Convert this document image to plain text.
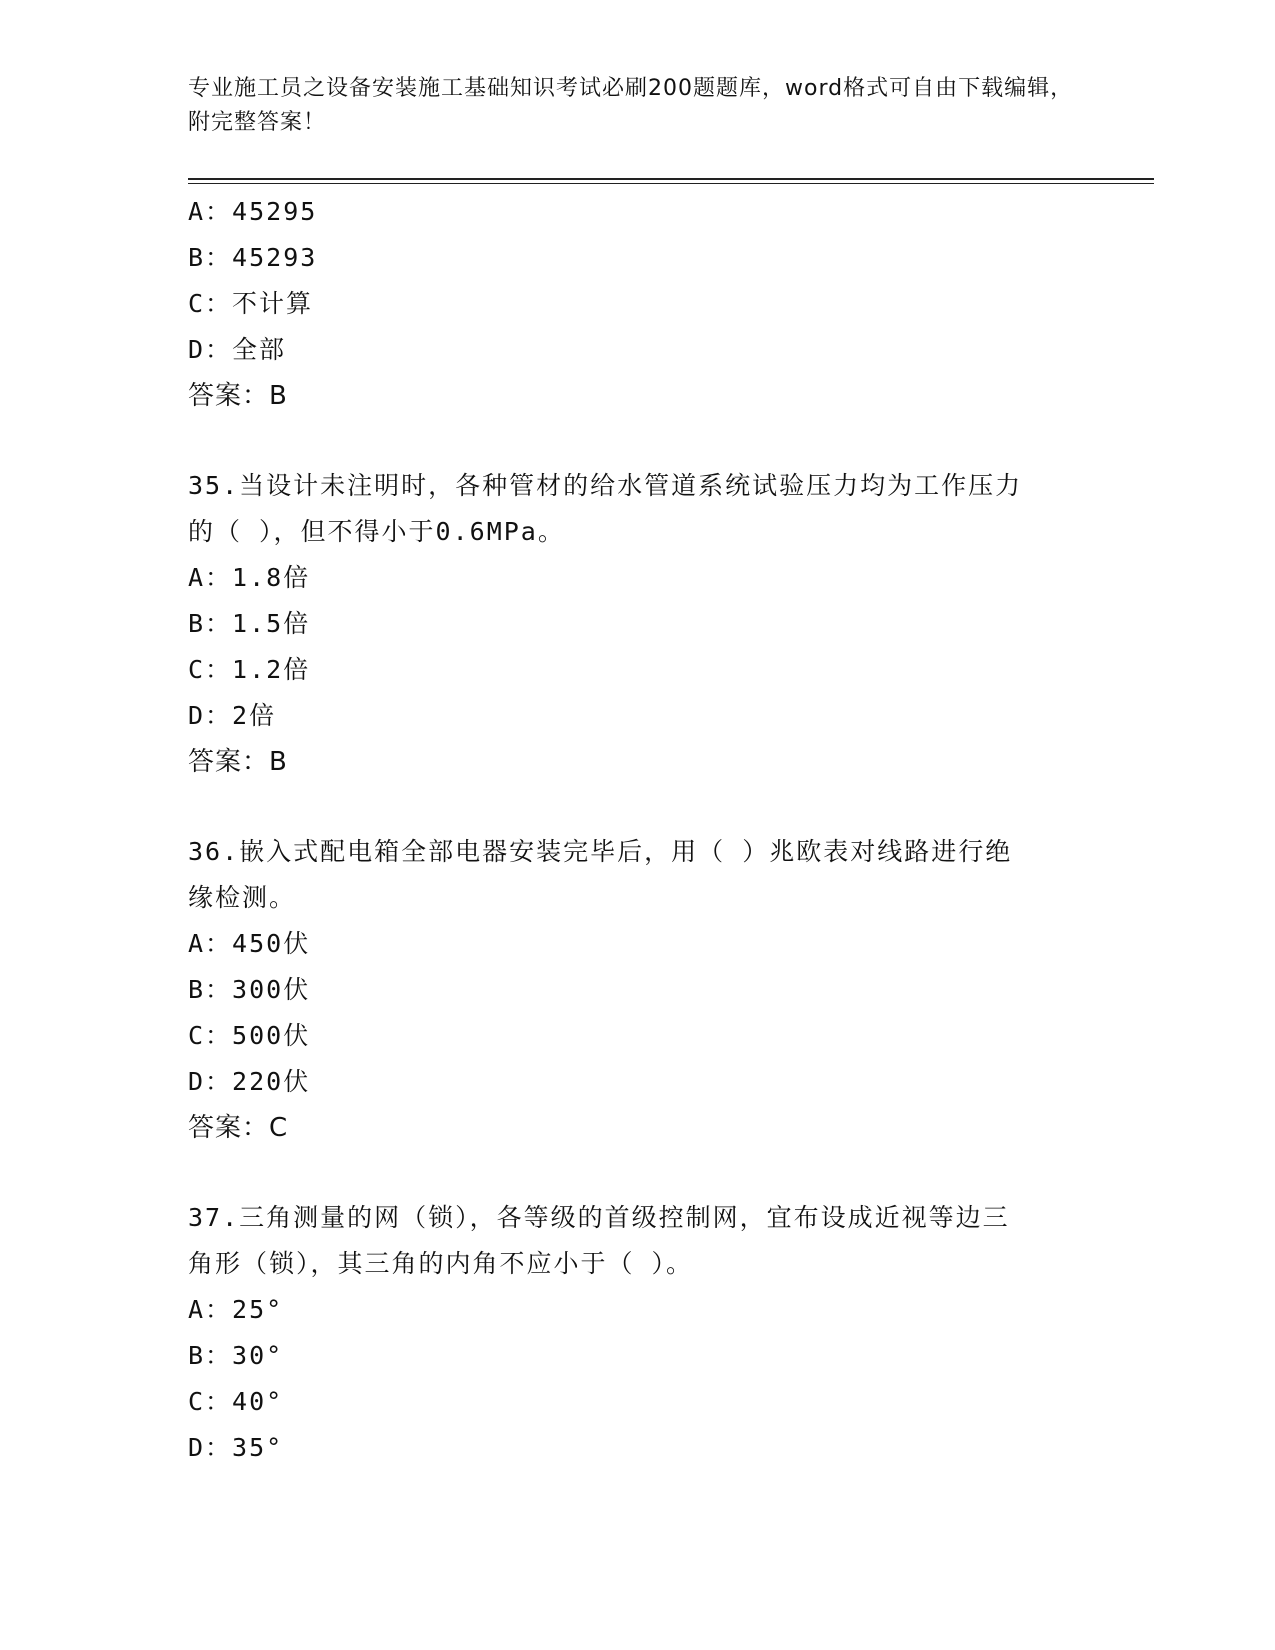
专业施工员之设备安装施工基础知识考试必刷200题题库，word格式可自由下载编辑，附完整答案！
A：45295
B：45293
C：不计算
D：全部
答案：B
35.当设计未注明时，各种管材的给水管道系统试验压力均为工作压力
的（ ），但不得小于0.6MPa。
A：1.8倍
B：1.5倍
C：1.2倍
D：2倍
答案：B
36.嵌入式配电箱全部电器安装完毕后，用（ ）兆欧表对线路进行绝
缘检测。
A：450伏
B：300伏
C：500伏
D：220伏
答案：C
37.三角测量的网（锁），各等级的首级控制网，宜布设成近视等边三
角形（锁），其三角的内角不应小于（ ）。
A：25°
B：30°
C：40°
D：35°
